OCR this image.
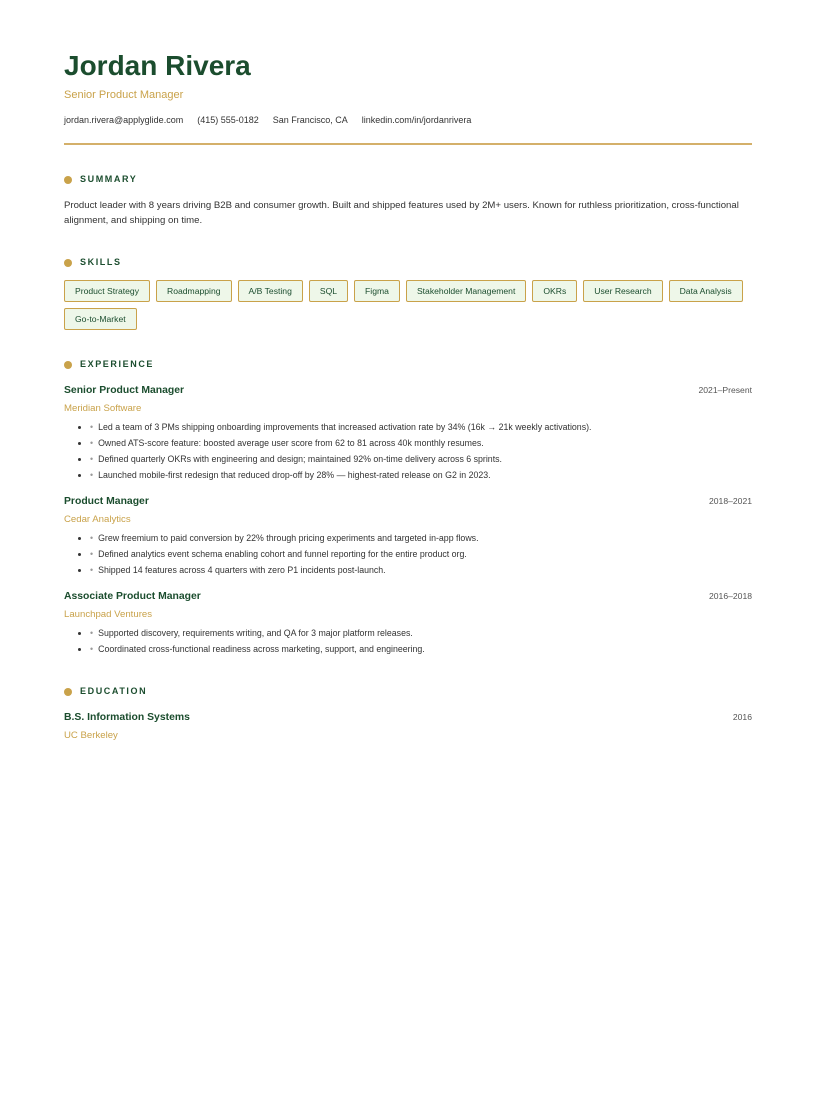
Jordan Rivera
Senior Product Manager
jordan.rivera@applyglide.com (415) 555-0182 San Francisco, CA linkedin.com/in/jordanrivera
SUMMARY
Product leader with 8 years driving B2B and consumer growth. Built and shipped features used by 2M+ users. Known for ruthless prioritization, cross-functional alignment, and shipping on time.
SKILLS
Product Strategy	Roadmapping	A/B Testing	SQL	Figma	Stakeholder Management	OKRs	User Research	Data Analysis
Go-to-Market
EXPERIENCE
Senior Product Manager	2021–Present
Meridian Software
• • Led a team of 3 PMs shipping onboarding improvements that increased activation rate by 34% (16k → 21k weekly activations).
• • Owned ATS-score feature: boosted average user score from 62 to 81 across 40k monthly resumes.
• • Defined quarterly OKRs with engineering and design; maintained 92% on-time delivery across 6 sprints.
• • Launched mobile-first redesign that reduced drop-off by 28% — highest-rated release on G2 in 2023.
Product Manager	2018–2021
Cedar Analytics
• • Grew freemium to paid conversion by 22% through pricing experiments and targeted in-app flows.
• • Defined analytics event schema enabling cohort and funnel reporting for the entire product org.
• • Shipped 14 features across 4 quarters with zero P1 incidents post-launch.
Associate Product Manager	2016–2018
Launchpad Ventures
• • Supported discovery, requirements writing, and QA for 3 major platform releases.
• • Coordinated cross-functional readiness across marketing, support, and engineering.
EDUCATION
B.S. Information Systems	2016
UC Berkeley
